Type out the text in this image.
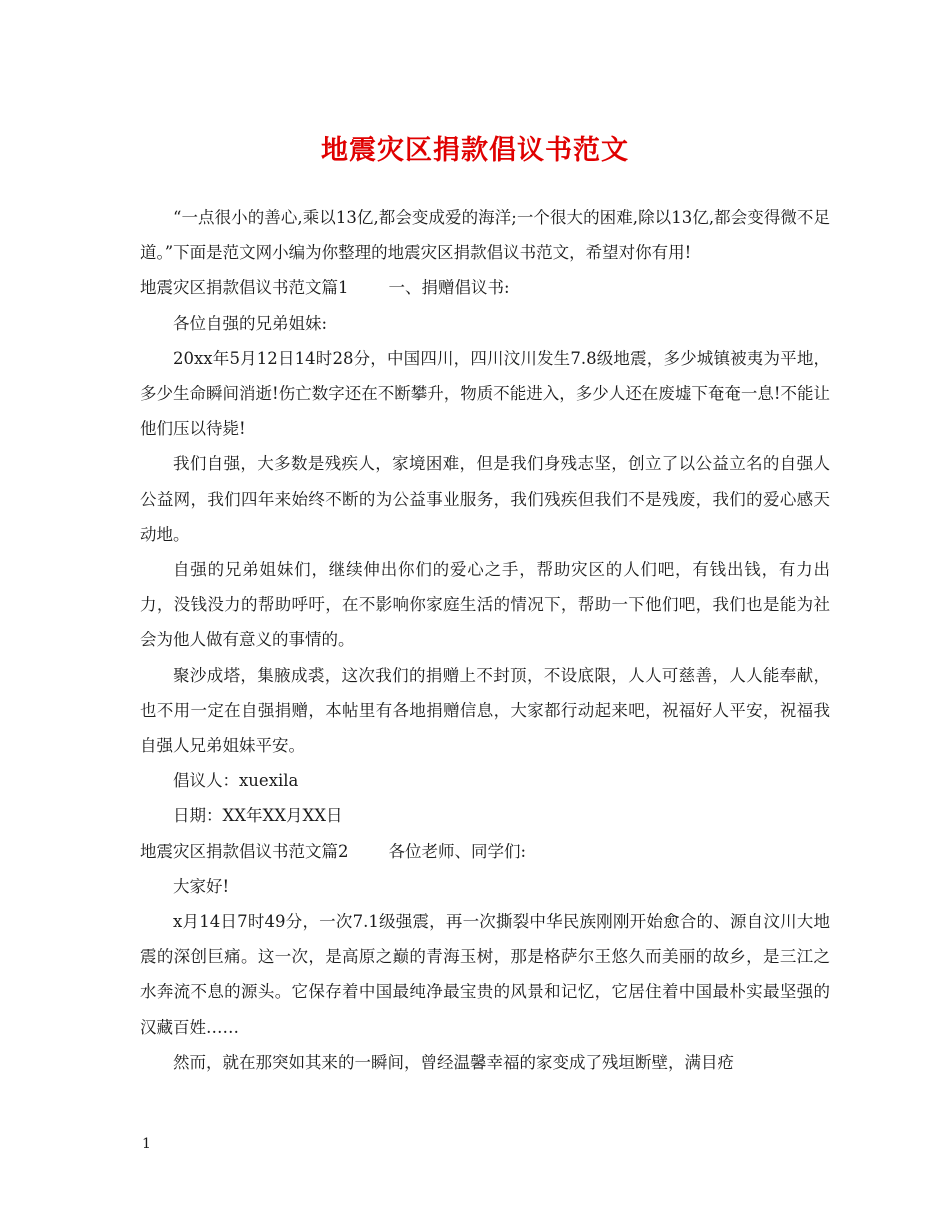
地震灾区捐款倡议书范文

“一点很小的善心,乘以13亿,都会变成爱的海洋;一个很大的困难,除以13亿,都会变得微不足道。”下面是范文网小编为你整理的地震灾区捐款倡议书范文，希望对你有用!

地震灾区捐款倡议书范文篇1 一、捐赠倡议书:

各位自强的兄弟姐妹:

20xx年5月12日14时28分，中国四川，四川汶川发生7.8级地震，多少城镇被夷为平地，多少生命瞬间消逝!伤亡数字还在不断攀升，物质不能进入，多少人还在废墟下奄奄一息!不能让他们压以待毙!

我们自强，大多数是残疾人，家境困难，但是我们身残志坚，创立了以公益立名的自强人公益网，我们四年来始终不断的为公益事业服务，我们残疾但我们不是残废，我们的爱心感天动地。

自强的兄弟姐妹们，继续伸出你们的爱心之手，帮助灾区的人们吧，有钱出钱，有力出力，没钱没力的帮助呼吁，在不影响你家庭生活的情况下，帮助一下他们吧，我们也是能为社会为他人做有意义的事情的。

聚沙成塔，集腋成裘，这次我们的捐赠上不封顶，不设底限，人人可慈善，人人能奉献，也不用一定在自强捐赠，本帖里有各地捐赠信息，大家都行动起来吧，祝福好人平安，祝福我自强人兄弟姐妹平安。

倡议人：xuexila

日期：XX年XX月XX日

地震灾区捐款倡议书范文篇2 各位老师、同学们:

大家好!

x月14日7时49分，一次7.1级强震，再一次撕裂中华民族刚刚开始愈合的、源自汶川大地震的深创巨痛。这一次，是高原之巅的青海玉树，那是格萨尔王悠久而美丽的故乡，是三江之水奔流不息的源头。它保存着中国最纯净最宝贵的风景和记忆，它居住着中国最朴实最坚强的汉藏百姓……

然而，就在那突如其来的一瞬间，曾经温馨幸福的家变成了残垣断壁，满目疮

1
